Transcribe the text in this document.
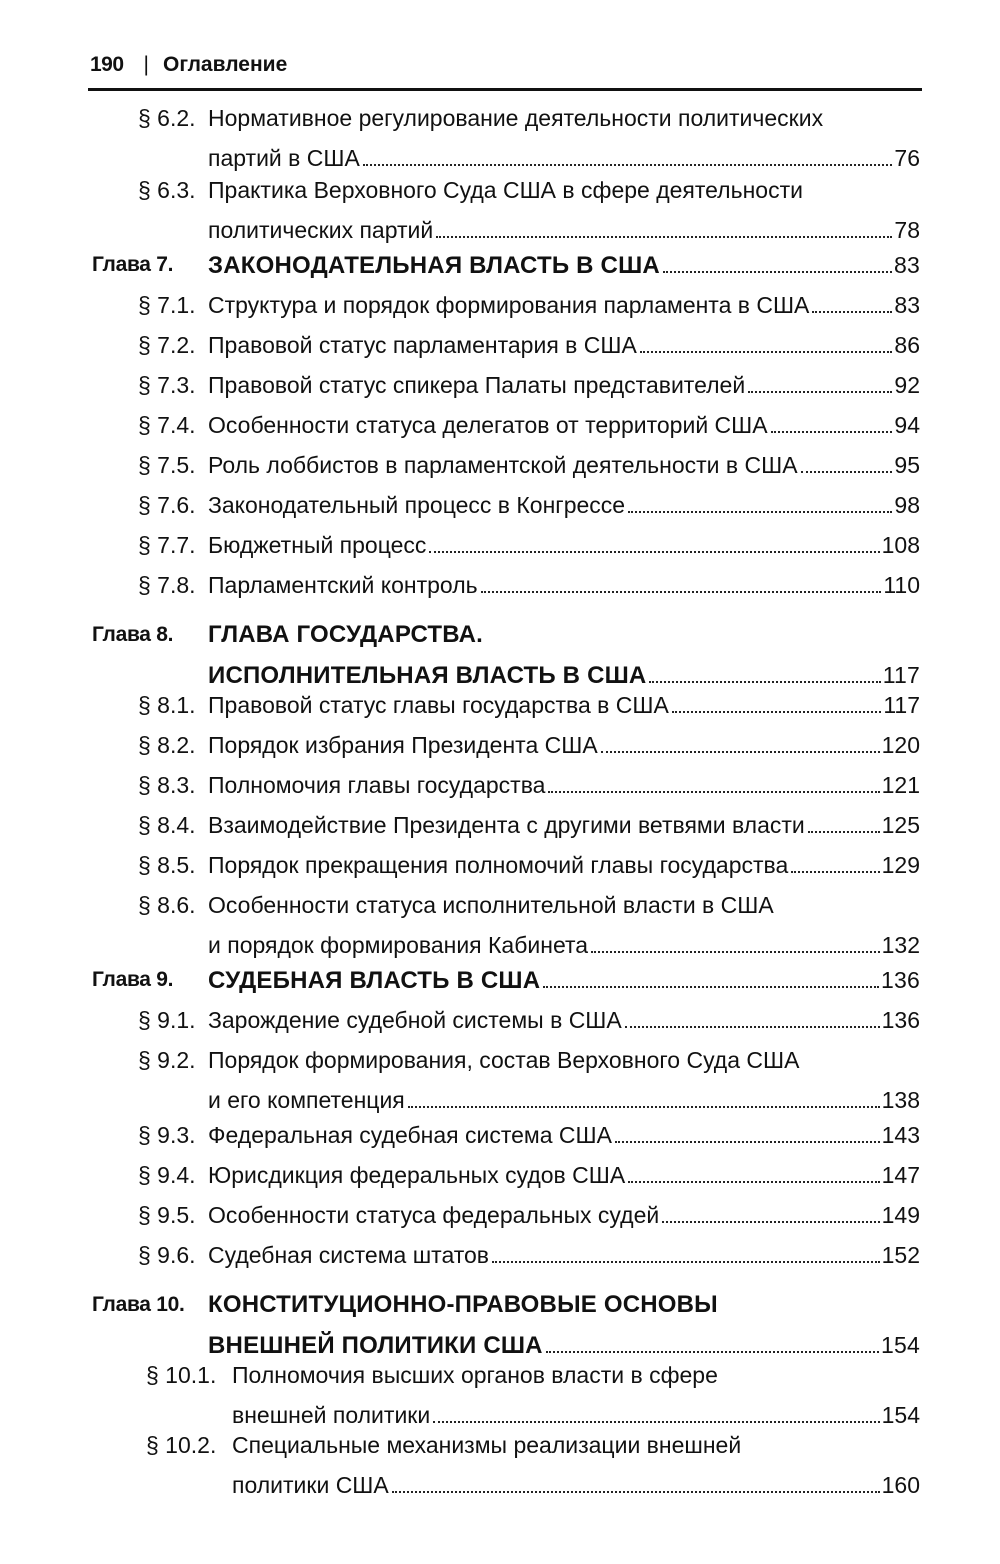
190 | Оглавление
§ 6.2. Нормативное регулирование деятельности политических
партий в США	76
§ 6.3. Практика Верховного Суда США в сфере деятельности
политических партий	78
Глава 7. ЗАКОНОДАТЕЛЬНАЯ ВЛАСТЬ В США	83
§ 7.1. Структура и порядок формирования парламента в США	83
§ 7.2. Правовой статус парламентария в США	86
§ 7.3. Правовой статус спикера Палаты представителей	92
§ 7.4. Особенности статуса делегатов от территорий США	94
§ 7.5. Роль лоббистов в парламентской деятельности в США	95
§ 7.6. Законодательный процесс в Конгрессе	98
§ 7.7. Бюджетный процесс	108
§ 7.8. Парламентский контроль	110
Глава 8. ГЛАВА ГОСУДАРСТВА.
ИСПОЛНИТЕЛЬНАЯ ВЛАСТЬ В США	117
§ 8.1. Правовой статус главы государства в США	117
§ 8.2. Порядок избрания Президента США	120
§ 8.3. Полномочия главы государства	121
§ 8.4. Взаимодействие Президента с другими ветвями власти	125
§ 8.5. Порядок прекращения полномочий главы государства	129
§ 8.6. Особенности статуса исполнительной власти в США
и порядок формирования Кабинета	132
Глава 9. СУДЕБНАЯ ВЛАСТЬ В США	136
§ 9.1. Зарождение судебной системы в США	136
§ 9.2. Порядок формирования, состав Верховного Суда США
и его компетенция	138
§ 9.3. Федеральная судебная система США	143
§ 9.4. Юрисдикция федеральных судов США	147
§ 9.5. Особенности статуса федеральных судей	149
§ 9.6. Судебная система штатов	152
Глава 10. КОНСТИТУЦИОННО-ПРАВОВЫЕ ОСНОВЫ
ВНЕШНЕЙ ПОЛИТИКИ США	154
§ 10.1. Полномочия высших органов власти в сфере
внешней политики	154
§ 10.2. Специальные механизмы реализации внешней
политики США	160
